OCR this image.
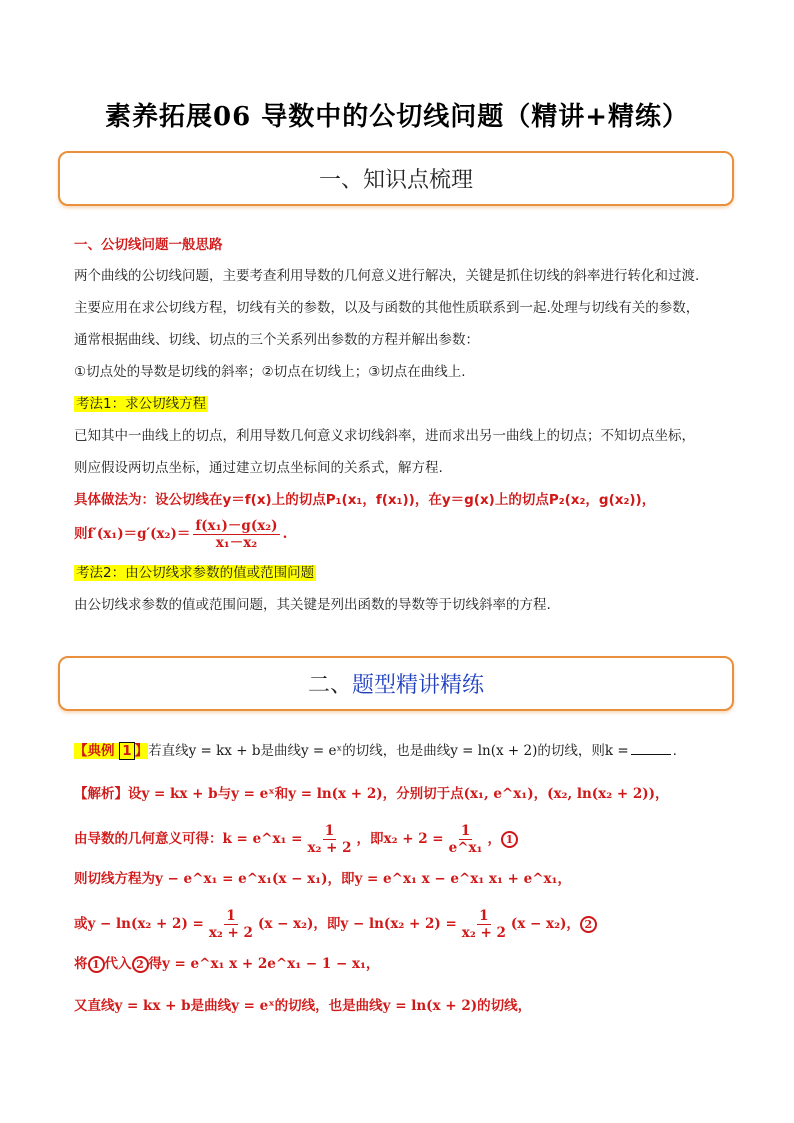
素养拓展06 导数中的公切线问题（精讲+精练）
一、知识点梳理
一、公切线问题一般思路
两个曲线的公切线问题，主要考查利用导数的几何意义进行解决，关键是抓住切线的斜率进行转化和过渡.
主要应用在求公切线方程，切线有关的参数，以及与函数的其他性质联系到一起.处理与切线有关的参数，
通常根据曲线、切线、切点的三个关系列出参数的方程并解出参数：
①切点处的导数是切线的斜率；②切点在切线上；③切点在曲线上.
考法1：求公切线方程
已知其中一曲线上的切点，利用导数几何意义求切线斜率，进而求出另一曲线上的切点；不知切点坐标，
则应假设两切点坐标，通过建立切点坐标间的关系式，解方程.
具体做法为：设公切线在y＝f(x)上的切点P₁(x₁，f(x₁))，在y＝g(x)上的切点P₂(x₂，g(x₂))，
则$f'(x_1)=g'(x_2)= \frac{\text{f(x₁)－g(x₂)}}{\text{x₁－x₂}}$ .
考法2：由公切线求参数的值或范围问题
由公切线求参数的值或范围问题，其关键是列出函数的导数等于切线斜率的方程.
二、 题型精讲精练
【典例 1 】若直线y = kx + b是曲线y = eˣ的切线，也是曲线y = ln(x + 2)的切线，则k =	.
【解析】设y = kx + b与y = eˣ和y = ln(x + 2)，分别切于点(x₁, e^x₁)，(x₂, ln(x₂ + 2))，
由导数的几何意义可得：k = e^x₁ = $\frac{1}{\text{x₂ + 2}}$ ，即$x_2 + 2 = \frac{1}{\text{e\textasciicircum{}x₁}}$ ， 1
则切线方程为y − e^x₁ = e^x₁(x − x₁)，即y = e^x₁ x − e^x₁ x₁ + e^x₁，
或$y - \ln(x_2 + 2) = \frac{1}{\text{x₂ + 2}} (x - x_2)$，即$y - \ln(x_2 + 2) = \frac{1}{\text{x₂ + 2}} (x - x_2)$， 2
将 1 代入 2 得y = e^x₁ x + 2e^x₁ − 1 − x₁，
又直线y = kx + b是曲线y = eˣ的切线，也是曲线y = ln(x + 2)的切线，
